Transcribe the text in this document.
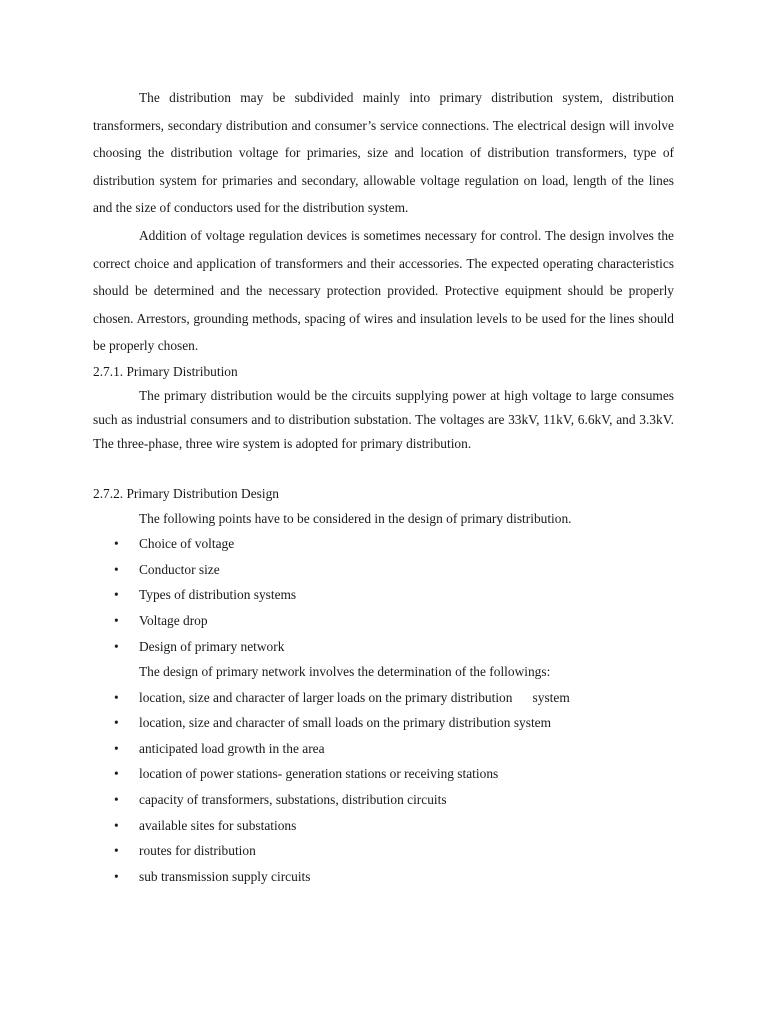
The distribution may be subdivided mainly into primary distribution system, distribution transformers, secondary distribution and consumer’s service connections. The electrical design will involve choosing the distribution voltage for primaries, size and location of distribution transformers, type of distribution system for primaries and secondary, allowable voltage regulation on load, length of the lines and the size of conductors used for the distribution system.

Addition of voltage regulation devices is sometimes necessary for control. The design involves the correct choice and application of transformers and their accessories. The expected operating characteristics should be determined and the necessary protection provided. Protective equipment should be properly chosen. Arrestors, grounding methods, spacing of wires and insulation levels to be used for the lines should be properly chosen.

2.7.1. Primary Distribution

The primary distribution would be the circuits supplying power at high voltage to large consumes such as industrial consumers and to distribution substation. The voltages are 33kV, 11kV, 6.6kV, and 3.3kV. The three-phase, three wire system is adopted for primary distribution.

2.7.2. Primary Distribution Design

The following points have to be considered in the design of primary distribution.

• Choice of voltage
• Conductor size
• Types of distribution systems
• Voltage drop
• Design of primary network

The design of primary network involves the determination of the followings:

• location, size and character of larger loads on the primary distribution      system
• location, size and character of small loads on the primary distribution system
• anticipated load growth in the area
• location of power stations- generation stations or receiving stations
• capacity of transformers, substations, distribution circuits
• available sites for substations
• routes for distribution
• sub transmission supply circuits
